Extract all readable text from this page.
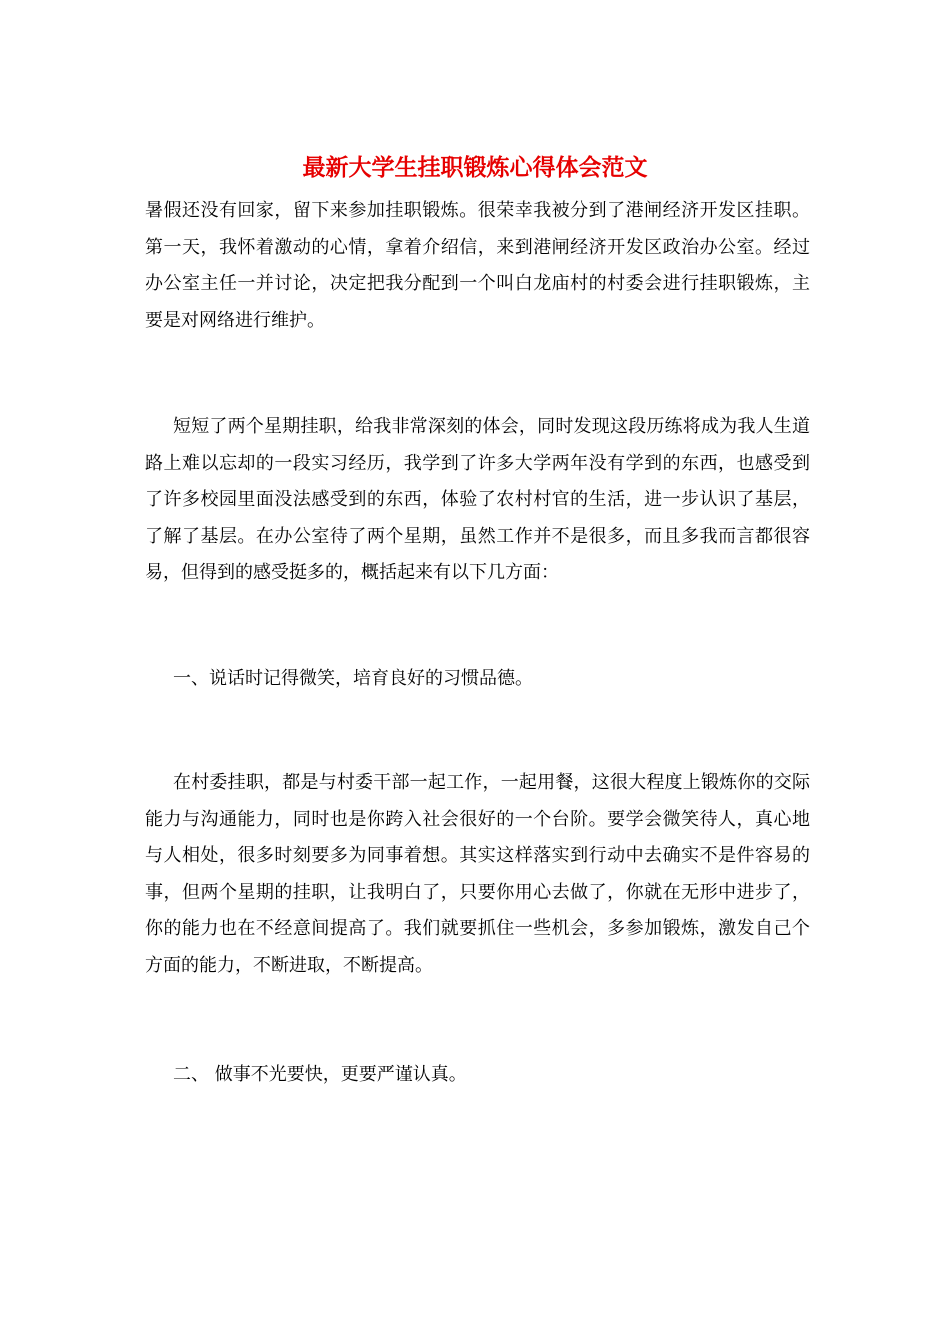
最新大学生挂职锻炼心得体会范文

暑假还没有回家，留下来参加挂职锻炼。很荣幸我被分到了港闸经济开发区挂职。第一天，我怀着激动的心情，拿着介绍信，来到港闸经济开发区政治办公室。经过办公室主任一并讨论，决定把我分配到一个叫白龙庙村的村委会进行挂职锻炼，主要是对网络进行维护。

短短了两个星期挂职，给我非常深刻的体会，同时发现这段历练将成为我人生道路上难以忘却的一段实习经历，我学到了许多大学两年没有学到的东西，也感受到了许多校园里面没法感受到的东西，体验了农村村官的生活，进一步认识了基层，了解了基层。在办公室待了两个星期，虽然工作并不是很多，而且多我而言都很容易，但得到的感受挺多的，概括起来有以下几方面：

一、说话时记得微笑，培育良好的习惯品德。

在村委挂职，都是与村委干部一起工作，一起用餐，这很大程度上锻炼你的交际能力与沟通能力，同时也是你跨入社会很好的一个台阶。要学会微笑待人，真心地与人相处，很多时刻要多为同事着想。其实这样落实到行动中去确实不是件容易的事，但两个星期的挂职，让我明白了，只要你用心去做了，你就在无形中进步了，你的能力也在不经意间提高了。我们就要抓住一些机会，多参加锻炼，激发自己个方面的能力，不断进取，不断提高。

二、 做事不光要快，更要严谨认真。
